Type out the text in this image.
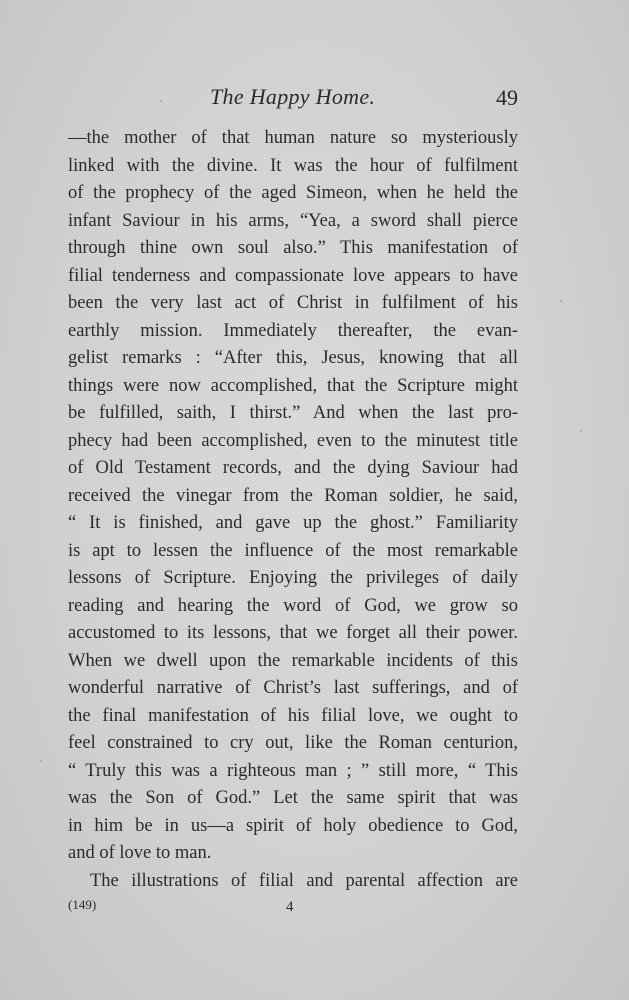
The Happy Home.	49
—the mother of that human nature so mysteriously
linked with the divine. It was the hour of fulfilment
of the prophecy of the aged Simeon, when he held the
infant Saviour in his arms, “Yea, a sword shall pierce
through thine own soul also.” This manifestation of
filial tenderness and compassionate love appears to have
been the very last act of Christ in fulfilment of his
earthly mission. Immediately thereafter, the evan-
gelist remarks : “After this, Jesus, knowing that all
things were now accomplished, that the Scripture might
be fulfilled, saith, I thirst.” And when the last pro-
phecy had been accomplished, even to the minutest title
of Old Testament records, and the dying Saviour had
received the vinegar from the Roman soldier, he said,
“ It is finished, and gave up the ghost.” Familiarity
is apt to lessen the influence of the most remarkable
lessons of Scripture. Enjoying the privileges of daily
reading and hearing the word of God, we grow so
accustomed to its lessons, that we forget all their power.
When we dwell upon the remarkable incidents of this
wonderful narrative of Christ’s last sufferings, and of
the final manifestation of his filial love, we ought to
feel constrained to cry out, like the Roman centurion,
“ Truly this was a righteous man ; ” still more, “ This
was the Son of God.” Let the same spirit that was
in him be in us—a spirit of holy obedience to God,
and of love to man.
The illustrations of filial and parental affection are
(149)	4
